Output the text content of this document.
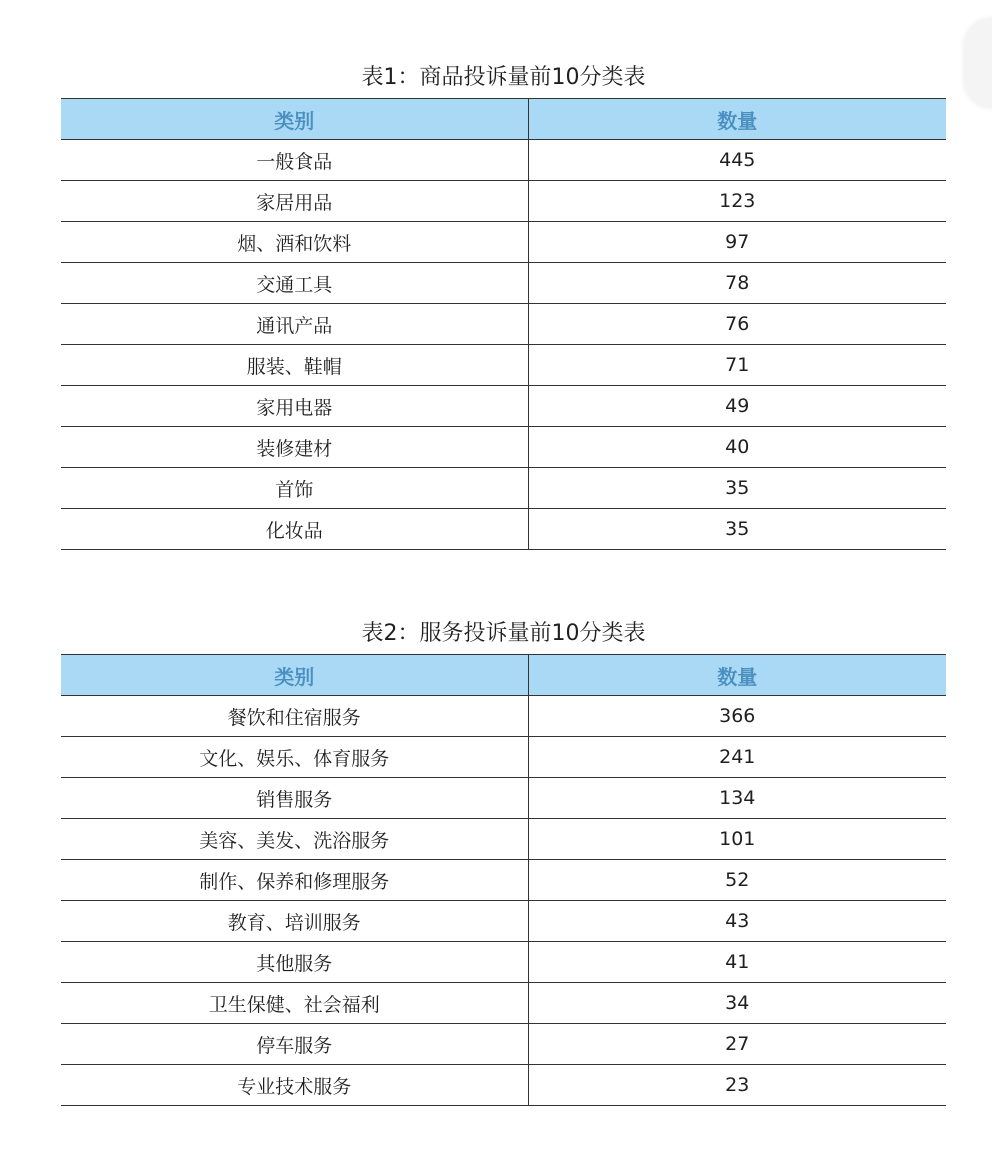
表1：商品投诉量前10分类表
类别	数量
一般食品	445
家居用品	123
烟、酒和饮料	97
交通工具	78
通讯产品	76
服装、鞋帽	71
家用电器	49
装修建材	40
首饰	35
化妆品	35
表2：服务投诉量前10分类表
类别	数量
餐饮和住宿服务	366
文化、娱乐、体育服务	241
销售服务	134
美容、美发、洗浴服务	101
制作、保养和修理服务	52
教育、培训服务	43
其他服务	41
卫生保健、社会福利	34
停车服务	27
专业技术服务	23
